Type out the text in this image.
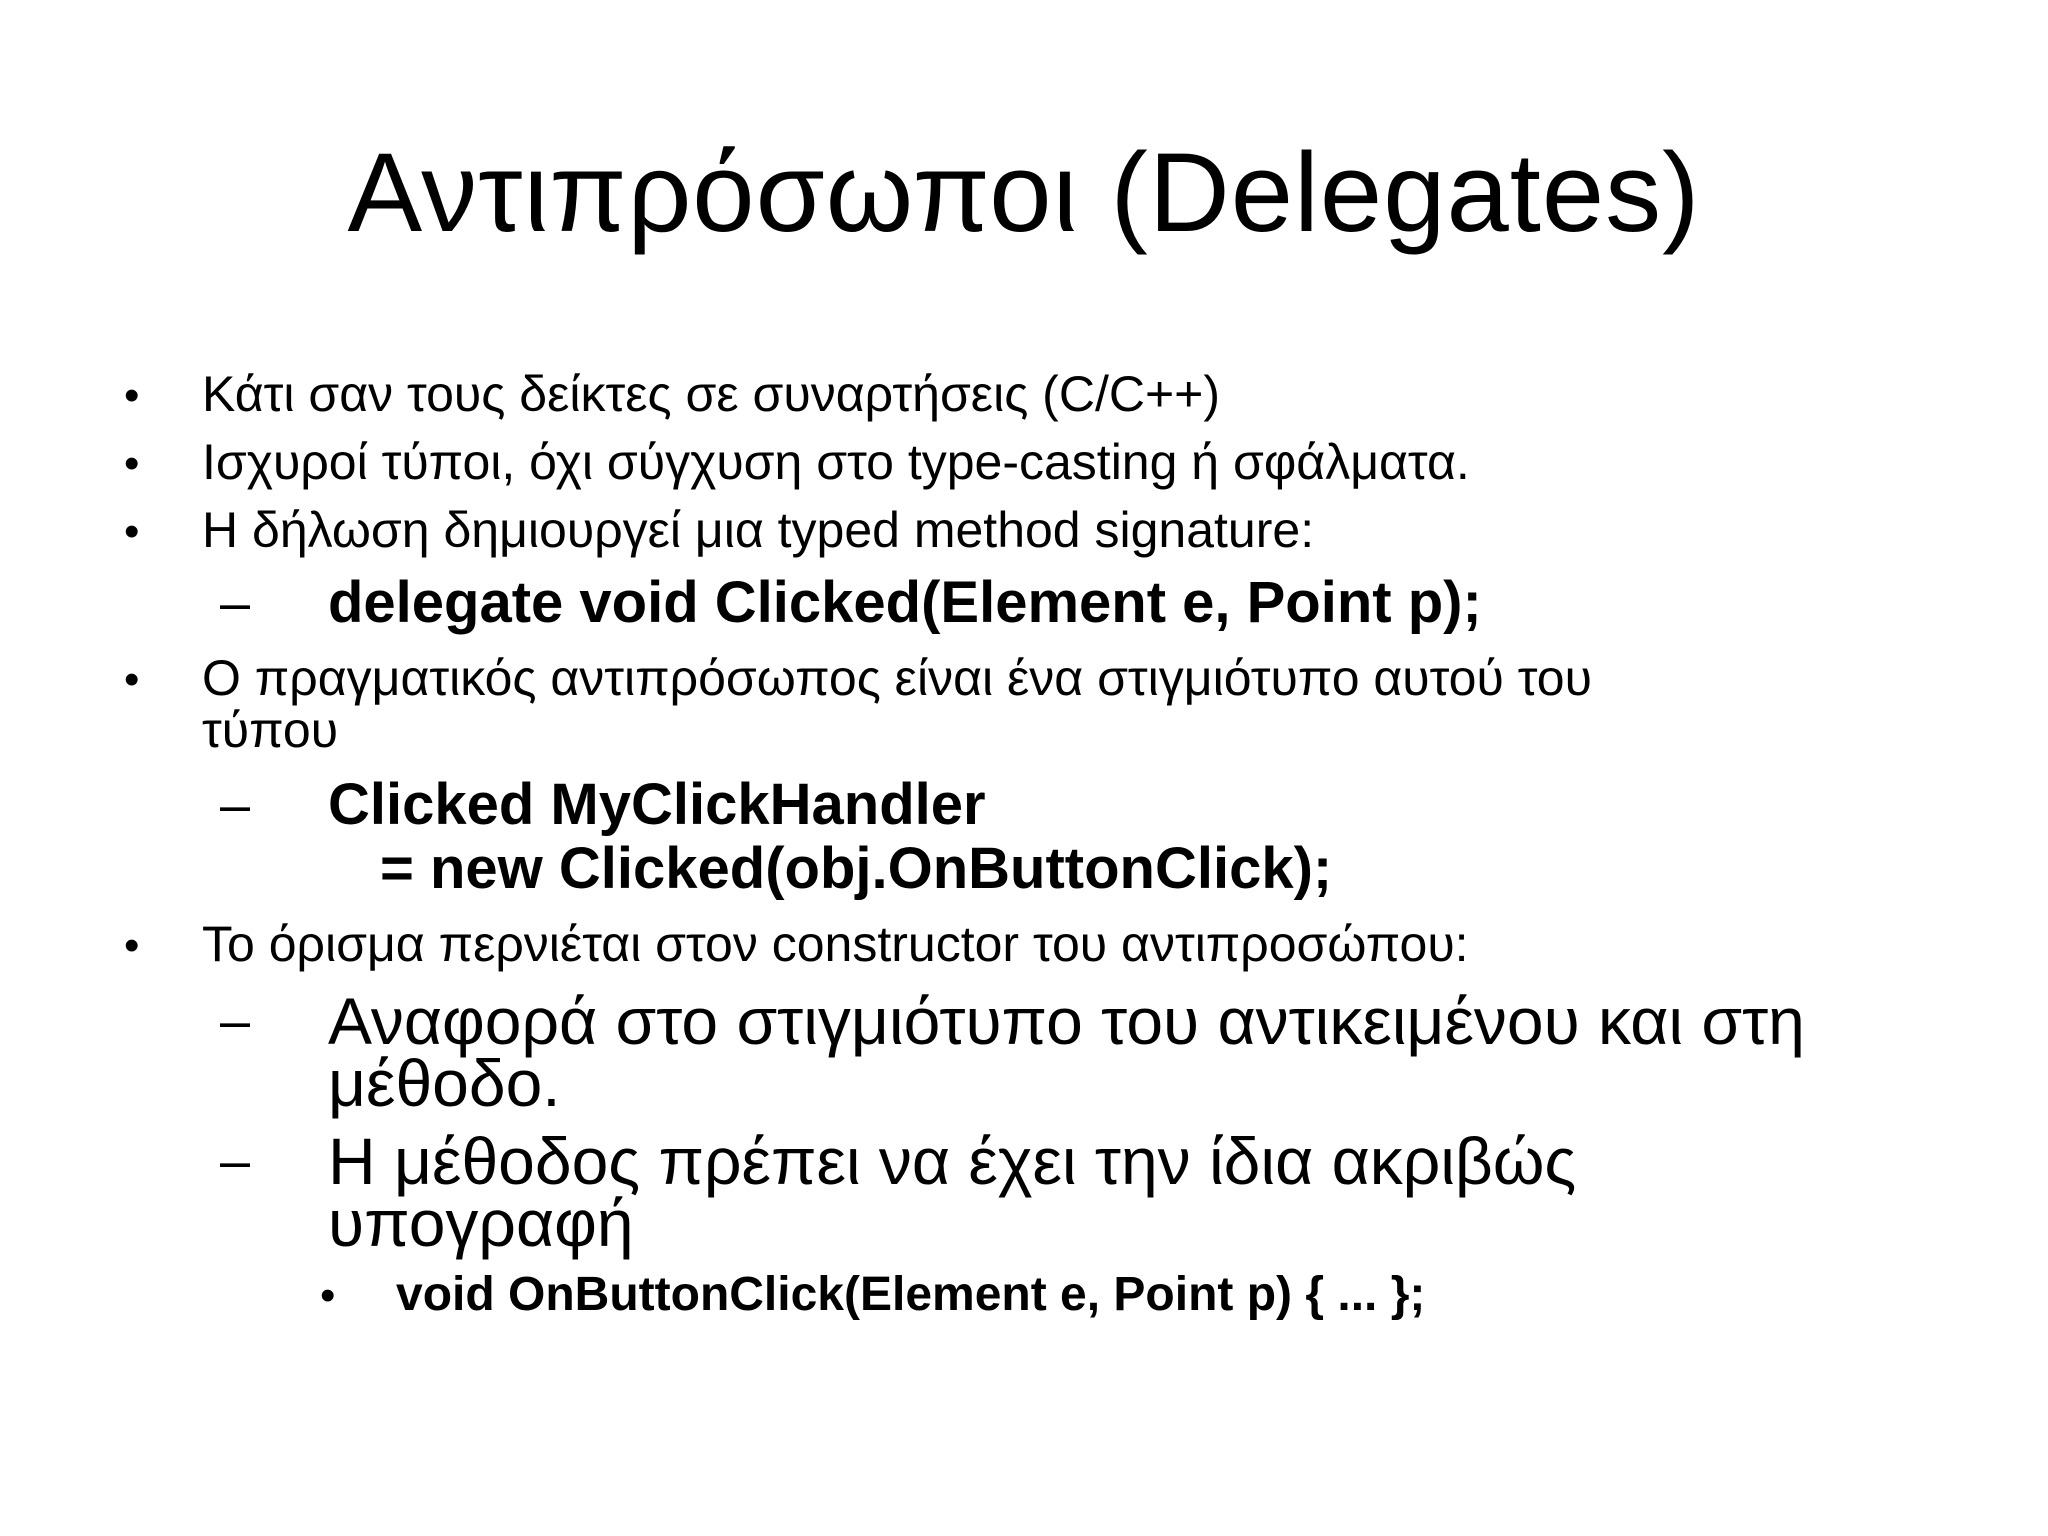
Αντιπρόσωποι (Delegates)
• Κάτι σαν τους δείκτες σε συναρτήσεις (C/C++)
• Ισχυροί τύποι, όχι σύγχυση στο type-casting ή σφάλματα.
• Η δήλωση δημιουργεί μια typed method signature:
– delegate void Clicked(Element e, Point p);
• Ο πραγματικός αντιπρόσωπος είναι ένα στιγμιότυπο αυτού του
τύπου
– Clicked MyClickHandler
= new Clicked(obj.OnButtonClick);
• Το όρισμα περνιέται στον constructor του αντιπροσώπου:
– Αναφορά στο στιγμιότυπο του αντικειμένου και στη
μέθοδο.
– Η μέθοδος πρέπει να έχει την ίδια ακριβώς
υπογραφή
• void OnButtonClick(Element e, Point p) { ... };
